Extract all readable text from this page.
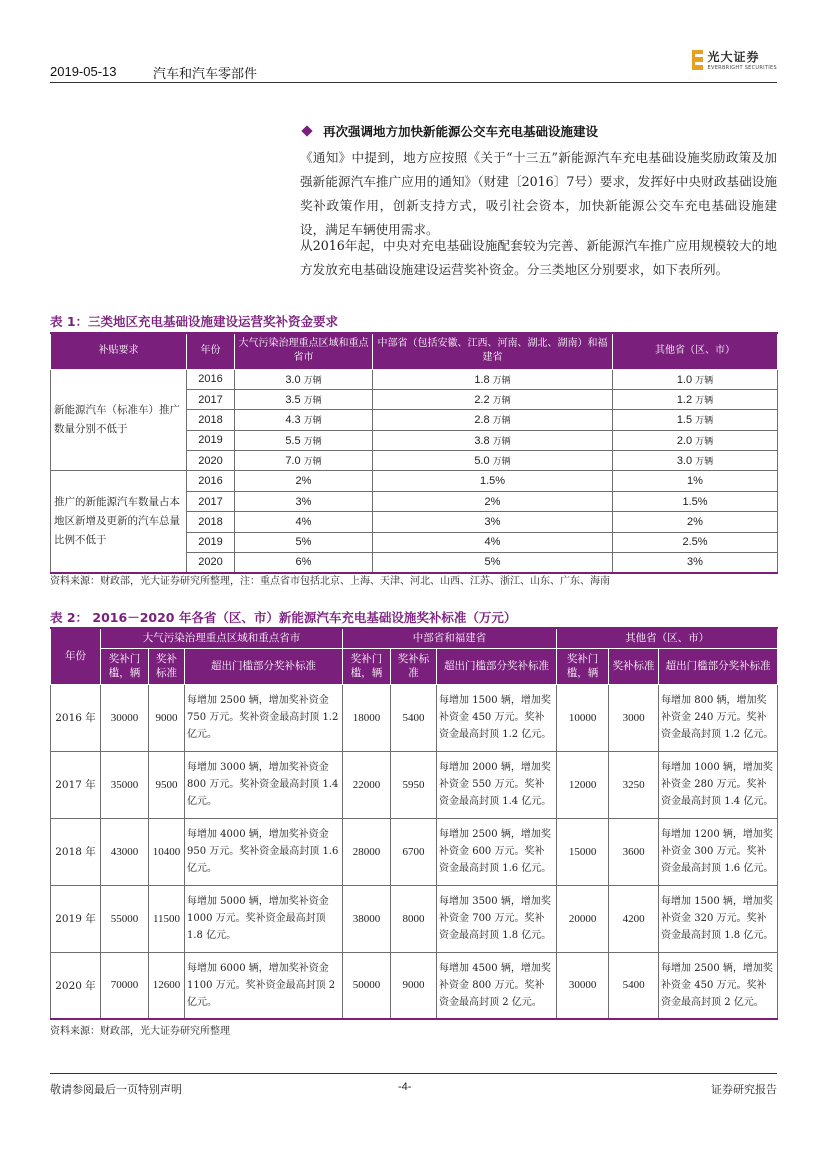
2019-05-13	汽车和汽车零部件
光大证券
EVERBRIGHT SECURITIES
再次强调地方加快新能源公交车充电基础设施建设
《通知》中提到，地方应按照《关于“十三五”新能源汽车充电基础设施奖励政策及加强新能源汽车推广应用的通知》（财建〔2016〕7号）要求，发挥好中央财政基础设施奖补政策作用，创新支持方式，吸引社会资本，加快新能源公交车充电基础设施建设，满足车辆使用需求。
从2016年起，中央对充电基础设施配套较为完善、新能源汽车推广应用规模较大的地方发放充电基础设施建设运营奖补资金。分三类地区分别要求，如下表所列。
表 1：三类地区充电基础设施建设运营奖补资金要求
补贴要求	年份	大气污染治理重点区域和重点省市	中部省（包括安徽、江西、河南、湖北、湖南）和福建省	其他省（区、市）
新能源汽车（标准车）推广数量分别不低于	2016	3.0 万辆	1.8 万辆	1.0 万辆
	2017	3.5 万辆	2.2 万辆	1.2 万辆
	2018	4.3 万辆	2.8 万辆	1.5 万辆
	2019	5.5 万辆	3.8 万辆	2.0 万辆
	2020	7.0 万辆	5.0 万辆	3.0 万辆
推广的新能源汽车数量占本地区新增及更新的汽车总量比例不低于	2016	2%	1.5%	1%
	2017	3%	2%	1.5%
	2018	4%	3%	2%
	2019	5%	4%	2.5%
	2020	6%	5%	3%
资料来源：财政部，光大证券研究所整理，注：重点省市包括北京、上海、天津、河北、山西、江苏、浙江、山东、广东、海南
表 2： 2016－2020 年各省（区、市）新能源汽车充电基础设施奖补标准（万元）
年份	大气污染治理重点区域和重点省市			中部省和福建省			其他省（区、市）		
	奖补门槛，辆	奖补标准	超出门槛部分奖补标准	奖补门槛，辆	奖补标准	超出门槛部分奖补标准	奖补门槛，辆	奖补标准	超出门槛部分奖补标准
2016 年	30000	9000	每增加 2500 辆，增加奖补资金 750 万元。奖补资金最高封顶 1.2 亿元。	18000	5400	每增加 1500 辆，增加奖补资金 450 万元。奖补资金最高封顶 1.2 亿元。	10000	3000	每增加 800 辆，增加奖补资金 240 万元。奖补资金最高封顶 1.2 亿元。
2017 年	35000	9500	每增加 3000 辆，增加奖补资金 800 万元。奖补资金最高封顶 1.4 亿元。	22000	5950	每增加 2000 辆，增加奖补资金 550 万元。奖补资金最高封顶 1.4 亿元。	12000	3250	每增加 1000 辆，增加奖补资金 280 万元。奖补资金最高封顶 1.4 亿元。
2018 年	43000	10400	每增加 4000 辆，增加奖补资金 950 万元。奖补资金最高封顶 1.6 亿元。	28000	6700	每增加 2500 辆，增加奖补资金 600 万元。奖补资金最高封顶 1.6 亿元。	15000	3600	每增加 1200 辆，增加奖补资金 300 万元。奖补资金最高封顶 1.6 亿元。
2019 年	55000	11500	每增加 5000 辆，增加奖补资金 1000 万元。奖补资金最高封顶 1.8 亿元。	38000	8000	每增加 3500 辆，增加奖补资金 700 万元。奖补资金最高封顶 1.8 亿元。	20000	4200	每增加 1500 辆，增加奖补资金 320 万元。奖补资金最高封顶 1.8 亿元。
2020 年	70000	12600	每增加 6000 辆，增加奖补资金 1100 万元。奖补资金最高封顶 2 亿元。	50000	9000	每增加 4500 辆，增加奖补资金 800 万元。奖补资金最高封顶 2 亿元。	30000	5400	每增加 2500 辆，增加奖补资金 450 万元。奖补资金最高封顶 2 亿元。
资料来源：财政部，光大证券研究所整理
敬请参阅最后一页特别声明	-4-	证券研究报告
